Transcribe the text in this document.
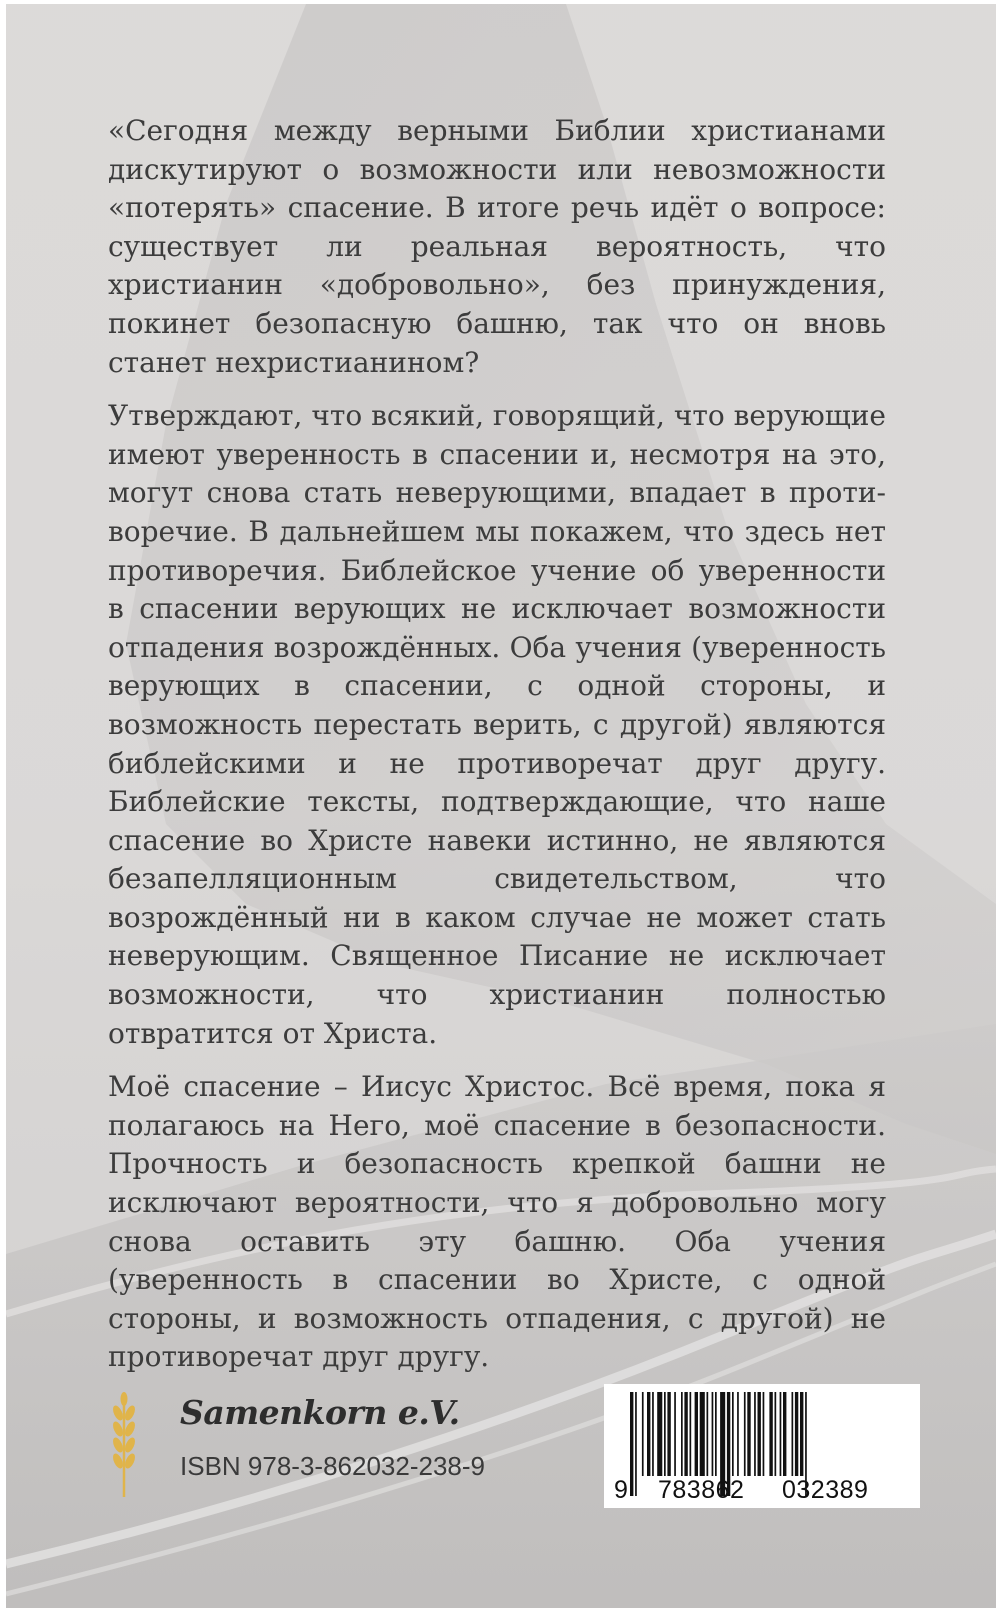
«Сегодня между верными Библии христианами дискутируют о возможности или невозможности «потерять» спасение. В итоге речь идёт о вопросе: существует ли реальная вероятность, что христианин «добровольно», без принуждения, покинет безопасную башню, так что он вновь станет нехристианином?

Утверждают, что всякий, говорящий, что верующие имеют уверенность в спасении и, несмотря на это, могут снова стать неверующими, впадает в противоречие. В дальнейшем мы покажем, что здесь нет противоречия. Библейское учение об уверенности в спасении верующих не исключает возможности отпадения возрождённых. Оба учения (уверенность верующих в спасении, с одной стороны, и возможность перестать верить, с другой) являются библейскими и не противоречат друг другу. Библейские тексты, подтверждающие, что наше спасение во Христе навеки истинно, не являются безапелляционным свидетельством, что возрождённый ни в каком случае не может стать неверующим. Священное Писание не исключает возможности, что христианин полностью отвратится от Христа.

Моё спасение – Иисус Христос. Всё время, пока я полагаюсь на Него, моё спасение в безопасности. Прочность и безопасность крепкой башни не исключают вероятности, что я добровольно могу снова оставить эту башню. Оба учения (уверенность в спасении во Христе, с одной стороны, и возможность отпадения, с другой) не противоречат друг другу.

Samenkorn e.V.
ISBN 978-3-862032-238-9
9 783862 032389
